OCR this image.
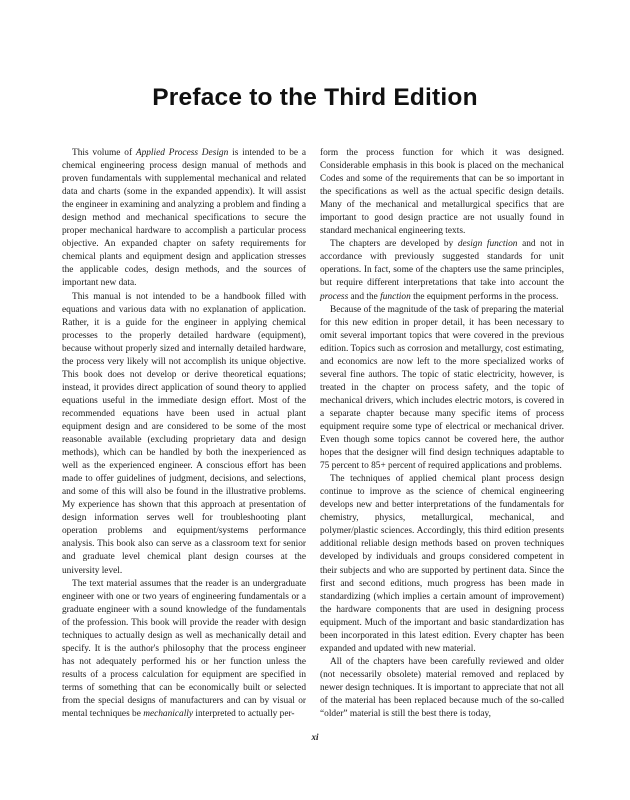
Preface to the Third Edition

This volume of Applied Process Design is intended to be a chemical engineering process design manual of methods and proven fundamentals with supplemental mechanical and related data and charts (some in the expanded appendix). It will assist the engineer in examining and analyzing a problem and finding a design method and mechanical specifications to secure the proper mechanical hardware to accomplish a particular process objective. An expanded chapter on safety requirements for chemical plants and equipment design and application stresses the applicable codes, design methods, and the sources of important new data.

This manual is not intended to be a handbook filled with equations and various data with no explanation of application. Rather, it is a guide for the engineer in applying chemical processes to the properly detailed hardware (equipment), because without properly sized and internally detailed hardware, the process very likely will not accomplish its unique objective. This book does not develop or derive theoretical equations; instead, it provides direct application of sound theory to applied equations useful in the immediate design effort. Most of the recommended equations have been used in actual plant equipment design and are considered to be some of the most reasonable available (excluding proprietary data and design methods), which can be handled by both the inexperienced as well as the experienced engineer. A conscious effort has been made to offer guidelines of judgment, decisions, and selections, and some of this will also be found in the illustrative problems. My experience has shown that this approach at presentation of design information serves well for troubleshooting plant operation problems and equipment/systems performance analysis. This book also can serve as a classroom text for senior and graduate level chemical plant design courses at the university level.

The text material assumes that the reader is an undergraduate engineer with one or two years of engineering fundamentals or a graduate engineer with a sound knowledge of the fundamentals of the profession. This book will provide the reader with design techniques to actually design as well as mechanically detail and specify. It is the author's philosophy that the process engineer has not adequately performed his or her function unless the results of a process calculation for equipment are specified in terms of something that can be economically built or selected from the special designs of manufacturers and can by visual or mental techniques be mechanically interpreted to actually per-

form the process function for which it was designed. Considerable emphasis in this book is placed on the mechanical Codes and some of the requirements that can be so important in the specifications as well as the actual specific design details. Many of the mechanical and metallurgical specifics that are important to good design practice are not usually found in standard mechanical engineering texts.

The chapters are developed by design function and not in accordance with previously suggested standards for unit operations. In fact, some of the chapters use the same principles, but require different interpretations that take into account the process and the function the equipment performs in the process.

Because of the magnitude of the task of preparing the material for this new edition in proper detail, it has been necessary to omit several important topics that were covered in the previous edition. Topics such as corrosion and metallurgy, cost estimating, and economics are now left to the more specialized works of several fine authors. The topic of static electricity, however, is treated in the chapter on process safety, and the topic of mechanical drivers, which includes electric motors, is covered in a separate chapter because many specific items of process equipment require some type of electrical or mechanical driver. Even though some topics cannot be covered here, the author hopes that the designer will find design techniques adaptable to 75 percent to 85+ percent of required applications and problems.

The techniques of applied chemical plant process design continue to improve as the science of chemical engineering develops new and better interpretations of the fundamentals for chemistry, physics, metallurgical, mechanical, and polymer/plastic sciences. Accordingly, this third edition presents additional reliable design methods based on proven techniques developed by individuals and groups considered competent in their subjects and who are supported by pertinent data. Since the first and second editions, much progress has been made in standardizing (which implies a certain amount of improvement) the hardware components that are used in designing process equipment. Much of the important and basic standardization has been incorporated in this latest edition. Every chapter has been expanded and updated with new material.

All of the chapters have been carefully reviewed and older (not necessarily obsolete) material removed and replaced by newer design techniques. It is important to appreciate that not all of the material has been replaced because much of the so-called “older” material is still the best there is today,

xi
